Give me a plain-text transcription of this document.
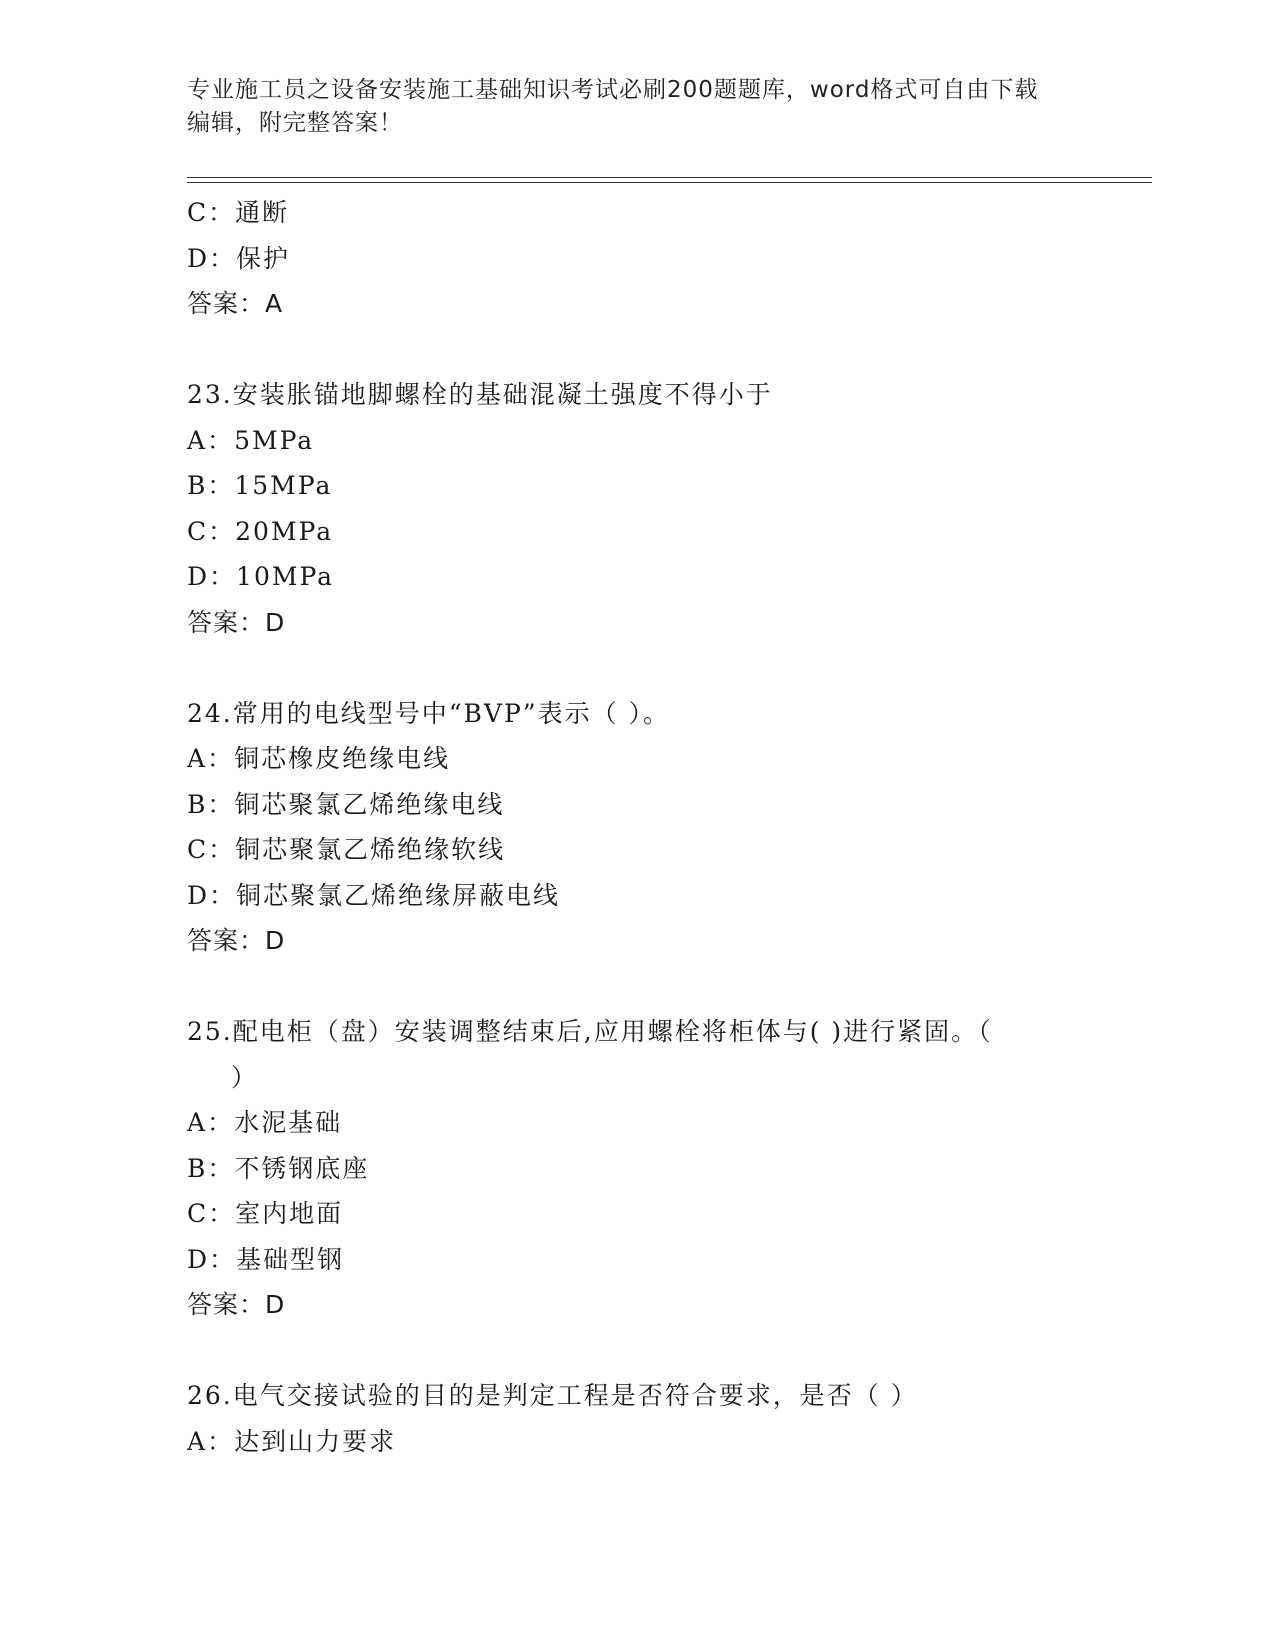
专业施工员之设备安装施工基础知识考试必刷200题题库，word格式可自由下载
编辑，附完整答案！
C：通断
D：保护
答案：A
23.安装胀锚地脚螺栓的基础混凝土强度不得小于
A：5MPa
B：15MPa
C：20MPa
D：10MPa
答案：D
24.常用的电线型号中“BVP”表示（ ）。
A：铜芯橡皮绝缘电线
B：铜芯聚氯乙烯绝缘电线
C：铜芯聚氯乙烯绝缘软线
D：铜芯聚氯乙烯绝缘屏蔽电线
答案：D
25.配电柜（盘）安装调整结束后,应用螺栓将柜体与( )进行紧固。（
）
A：水泥基础
B：不锈钢底座
C：室内地面
D：基础型钢
答案：D
26.电气交接试验的目的是判定工程是否符合要求，是否（ ）
A：达到山力要求
